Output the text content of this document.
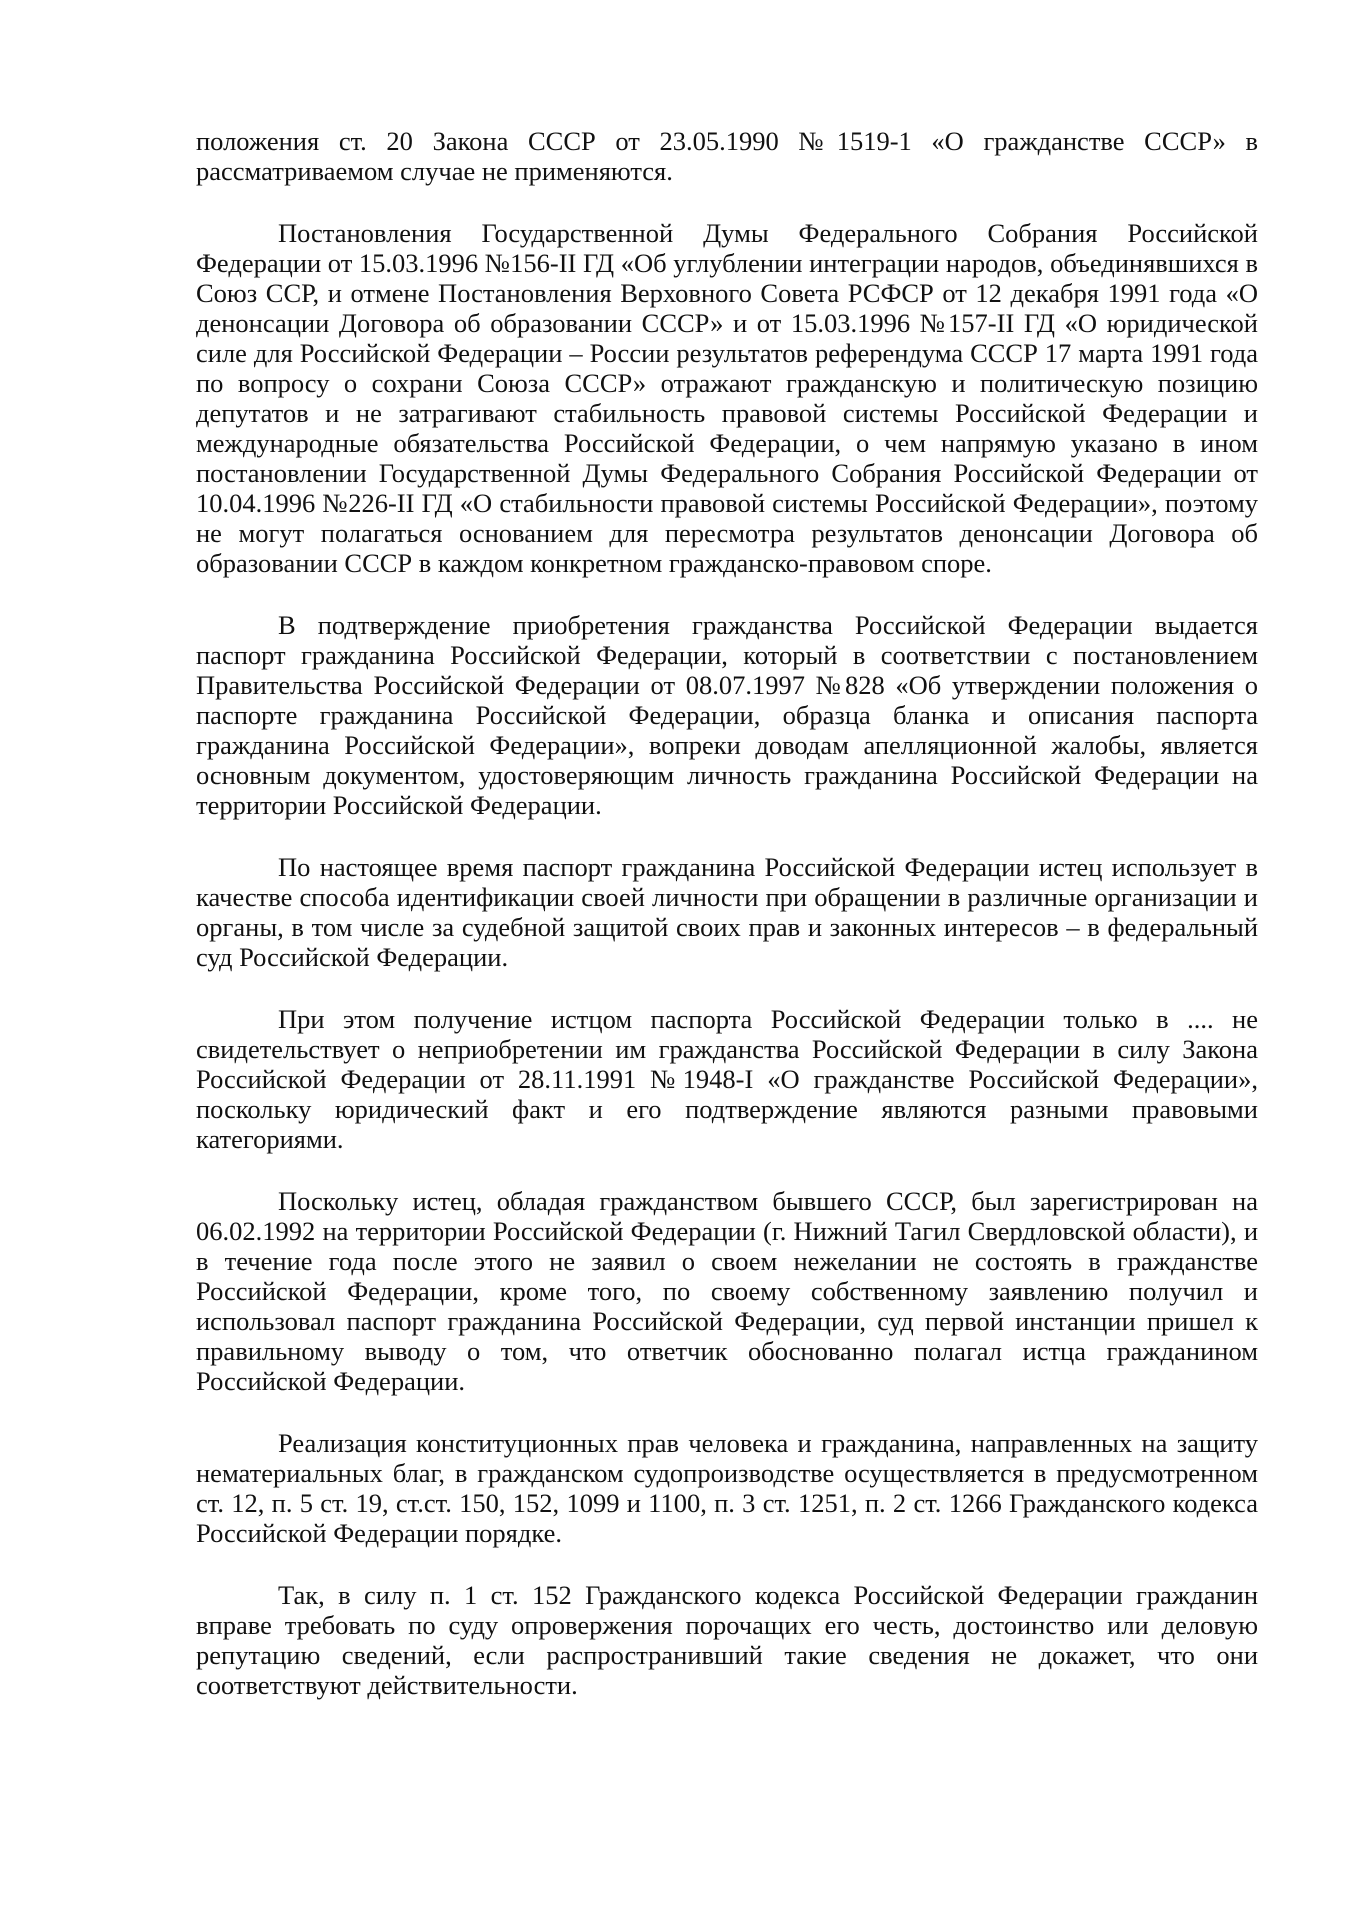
положения ст. 20 Закона СССР от 23.05.1990 №1519-1 «О гражданстве СССР» в рассматриваемом случае не применяются.

Постановления Государственной Думы Федерального Собрания Российской Федерации от 15.03.1996 №156-II ГД «Об углублении интеграции народов, объединявшихся в Союз ССР, и отмене Постановления Верховного Совета РСФСР от 12 декабря 1991 года «О денонсации Договора об образовании СССР» и от 15.03.1996 №157-II ГД «О юридической силе для Российской Федерации – России результатов референдума СССР 17 марта 1991 года по вопросу о сохрани Союза СССР» отражают гражданскую и политическую позицию депутатов и не затрагивают стабильность правовой системы Российской Федерации и международные обязательства Российской Федерации, о чем напрямую указано в ином постановлении Государственной Думы Федерального Собрания Российской Федерации от 10.04.1996 №226-II ГД «О стабильности правовой системы Российской Федерации», поэтому не могут полагаться основанием для пересмотра результатов денонсации Договора об образовании СССР в каждом конкретном гражданско-правовом споре.

В подтверждение приобретения гражданства Российской Федерации выдается паспорт гражданина Российской Федерации, который в соответствии с постановлением Правительства Российской Федерации от 08.07.1997 №828 «Об утверждении положения о паспорте гражданина Российской Федерации, образца бланка и описания паспорта гражданина Российской Федерации», вопреки доводам апелляционной жалобы, является основным документом, удостоверяющим личность гражданина Российской Федерации на территории Российской Федерации.

По настоящее время паспорт гражданина Российской Федерации истец использует в качестве способа идентификации своей личности при обращении в различные организации и органы, в том числе за судебной защитой своих прав и законных интересов – в федеральный суд Российской Федерации.

При этом получение истцом паспорта Российской Федерации только в .... не свидетельствует о неприобретении им гражданства Российской Федерации в силу Закона Российской Федерации от 28.11.1991 №1948-I «О гражданстве Российской Федерации», поскольку юридический факт и его подтверждение являются разными правовыми категориями.

Поскольку истец, обладая гражданством бывшего СССР, был зарегистрирован на 06.02.1992 на территории Российской Федерации (г. Нижний Тагил Свердловской области), и в течение года после этого не заявил о своем нежелании не состоять в гражданстве Российской Федерации, кроме того, по своему собственному заявлению получил и использовал паспорт гражданина Российской Федерации, суд первой инстанции пришел к правильному выводу о том, что ответчик обоснованно полагал истца гражданином Российской Федерации.

Реализация конституционных прав человека и гражданина, направленных на защиту нематериальных благ, в гражданском судопроизводстве осуществляется в предусмотренном ст. 12, п. 5 ст. 19, ст.ст. 150, 152, 1099 и 1100, п. 3 ст. 1251, п. 2 ст. 1266 Гражданского кодекса Российской Федерации порядке.

Так, в силу п. 1 ст. 152 Гражданского кодекса Российской Федерации гражданин вправе требовать по суду опровержения порочащих его честь, достоинство или деловую репутацию сведений, если распространивший такие сведения не докажет, что они соответствуют действительности.
